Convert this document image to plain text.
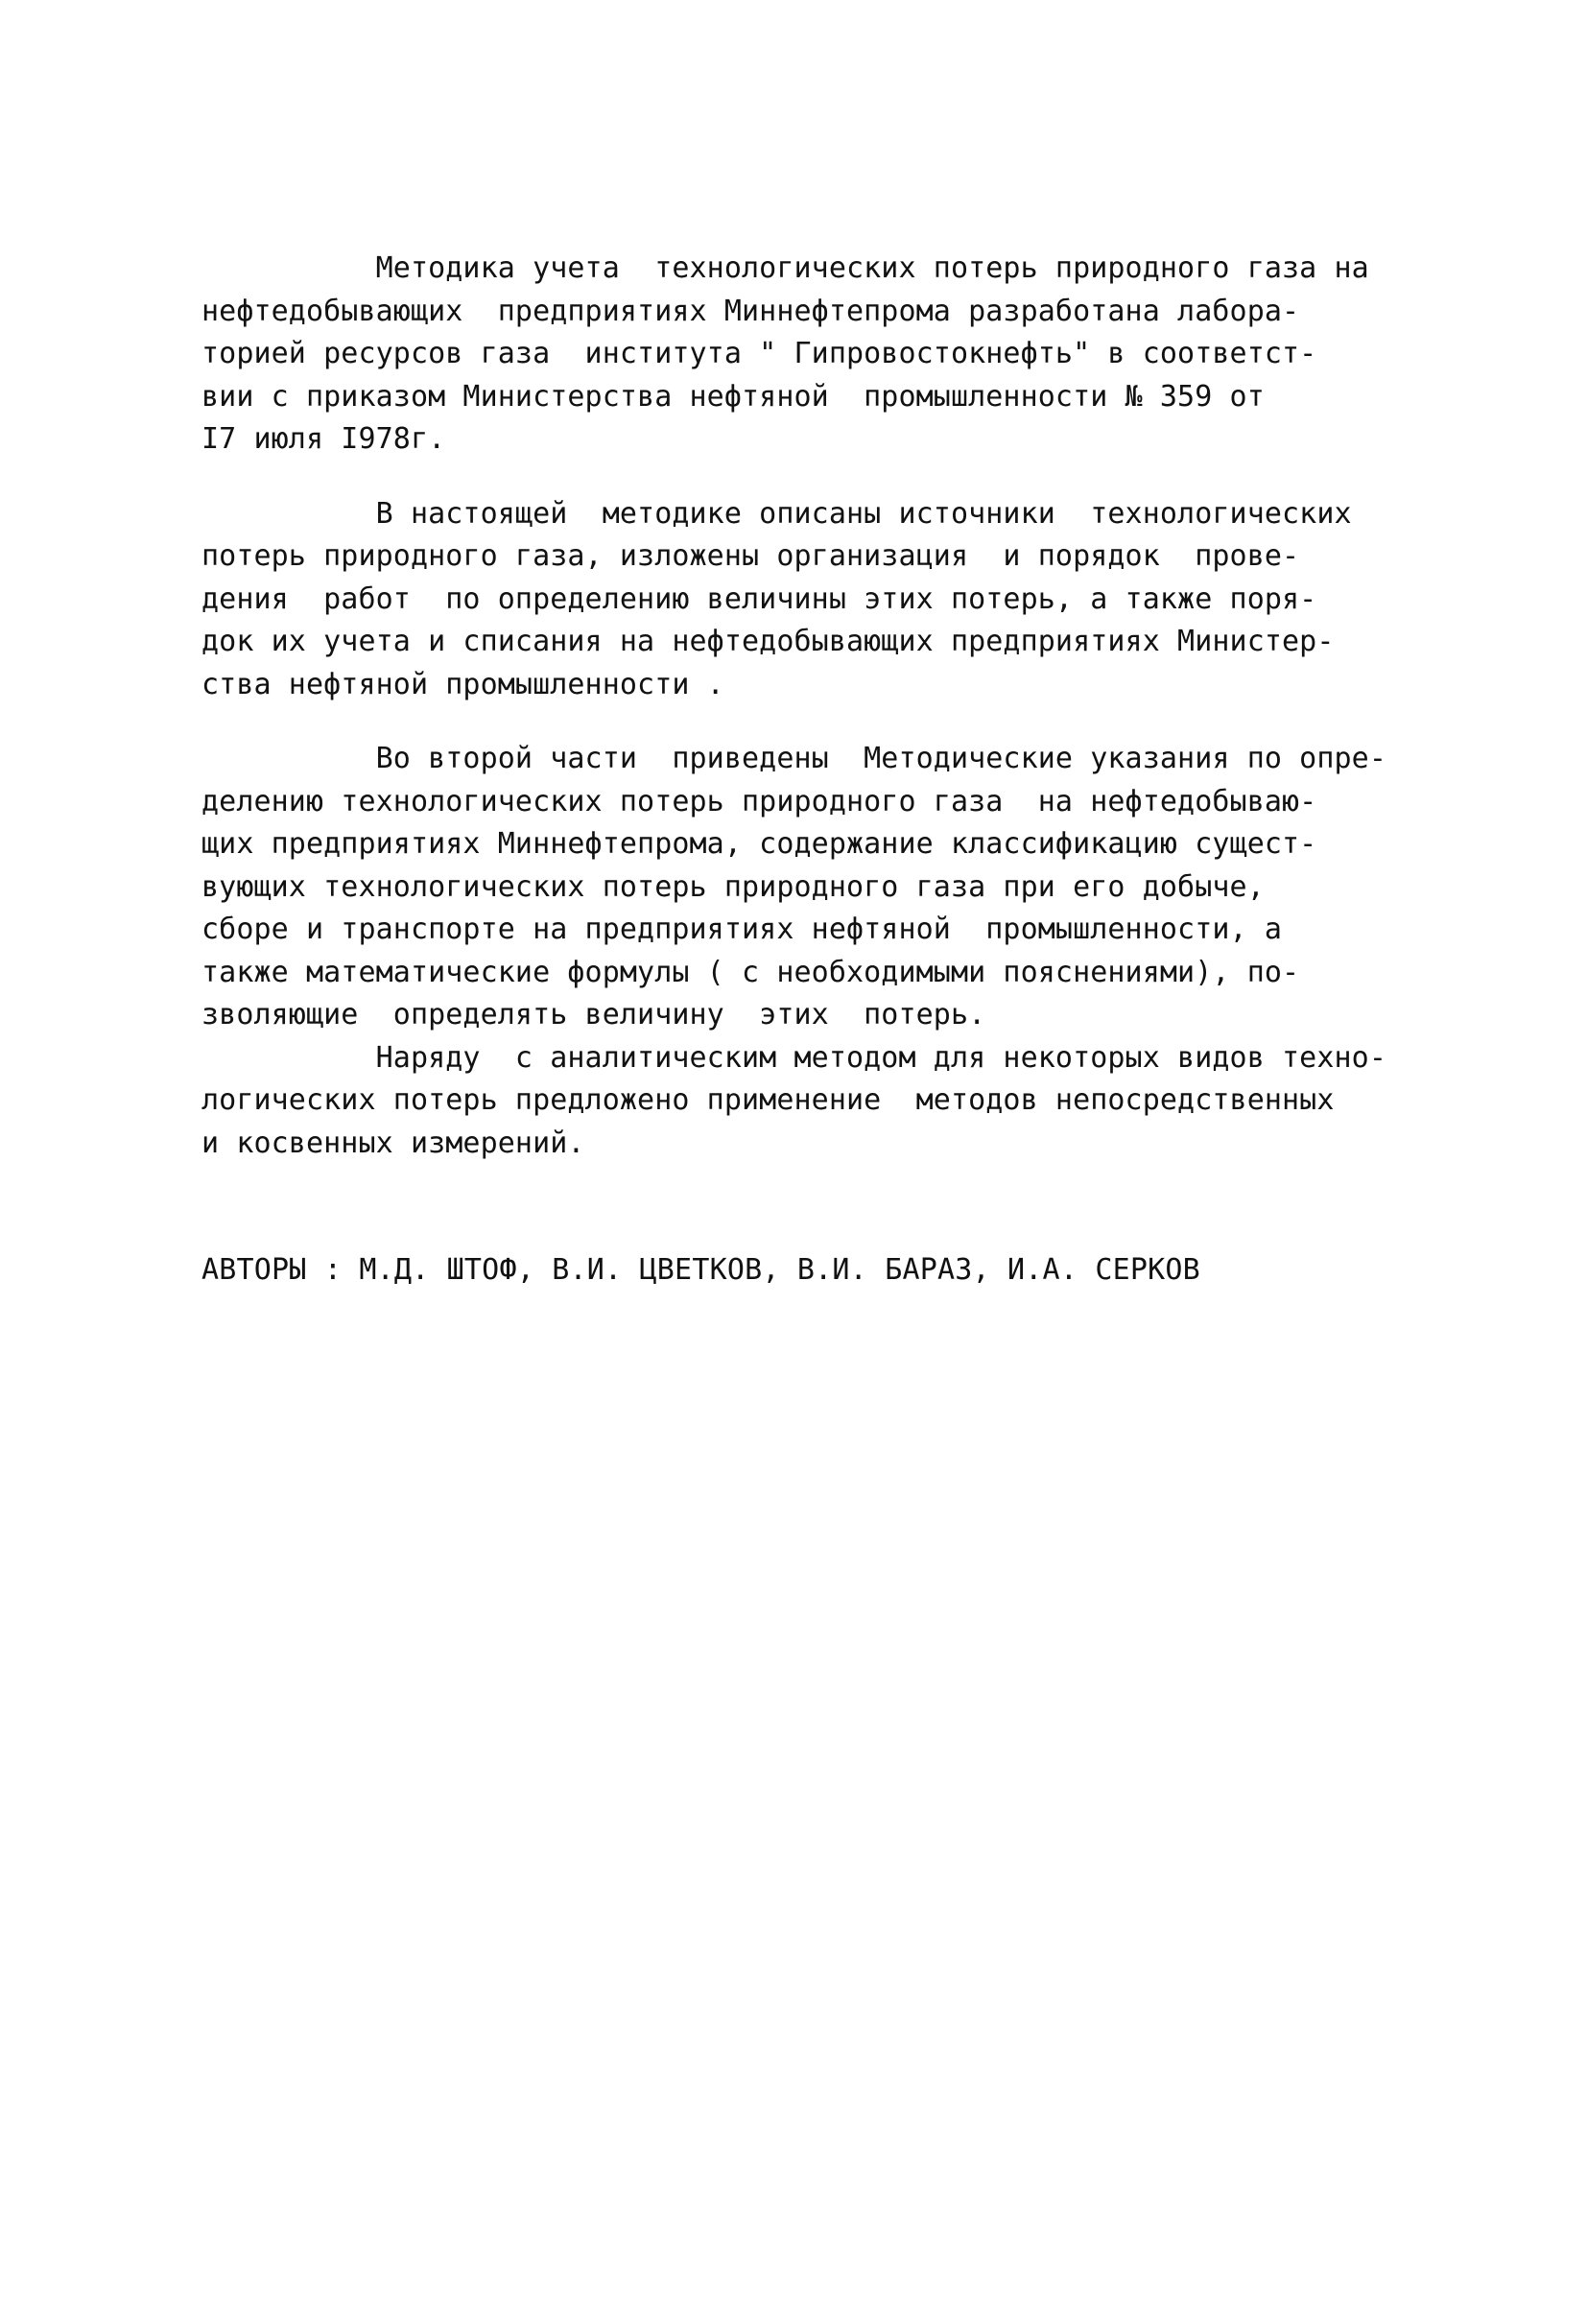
Методика учета  технологических потерь природного газа на
нефтедобывающих  предприятиях Миннефтепрома разработана лабора-
торией ресурсов газа  института " Гипровостокнефть" в соответст-
вии с приказом Министерства нефтяной  промышленности № 359 от
I7 июля I978г.
В настоящей  методике описаны источники  технологических
потерь природного газа, изложены организация  и порядок  прове-
дения  работ  по определению величины этих потерь, а также поря-
док их учета и списания на нефтедобывающих предприятиях Министер-
ства нефтяной промышленности .
Во второй части  приведены  Методические указания по опре-
делению технологических потерь природного газа  на нефтедобываю-
щих предприятиях Миннефтепрома, содержание классификацию сущест-
вующих технологических потерь природного газа при его добыче,
сборе и транспорте на предприятиях нефтяной  промышленности, а
также математические формулы ( с необходимыми пояснениями), по-
зволяющие  определять величину  этих  потерь.
Наряду  с аналитическим методом для некоторых видов техно-
логических потерь предложено применение  методов непосредственных
и косвенных измерений.
АВТОРЫ : М.Д. ШТОФ, В.И. ЦВЕТКОВ, В.И. БАРАЗ, И.А. СЕРКОВ
